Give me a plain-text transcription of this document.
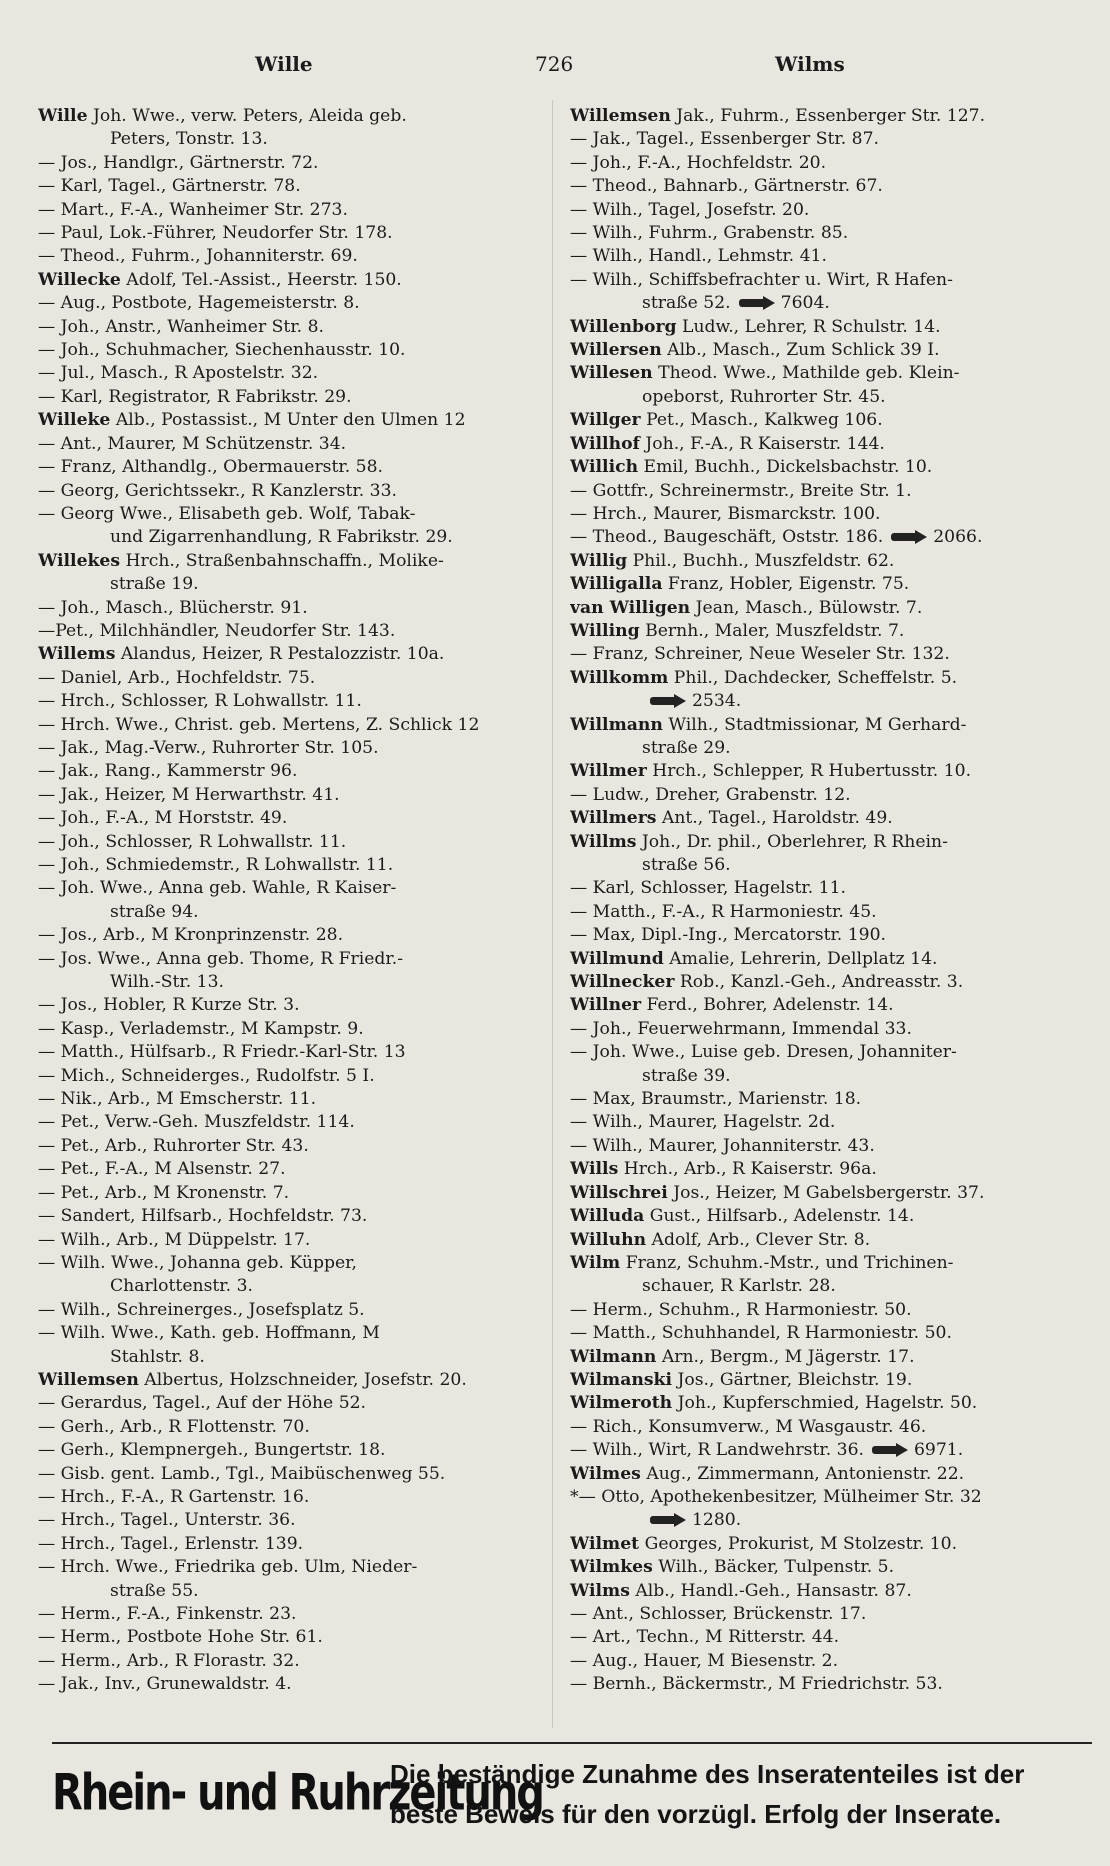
Wille	726	Wilms
Wille Joh. Wwe., verw. Peters, Aleida geb.
Peters, Tonstr. 13.
— Jos., Handlgr., Gärtnerstr. 72.
— Karl, Tagel., Gärtnerstr. 78.
— Mart., F.-A., Wanheimer Str. 273.
— Paul, Lok.-Führer, Neudorfer Str. 178.
— Theod., Fuhrm., Johanniterstr. 69.
Willecke Adolf, Tel.-Assist., Heerstr. 150.
— Aug., Postbote, Hagemeisterstr. 8.
— Joh., Anstr., Wanheimer Str. 8.
— Joh., Schuhmacher, Siechenhausstr. 10.
— Jul., Masch., R Apostelstr. 32.
— Karl, Registrator, R Fabrikstr. 29.
Willeke Alb., Postassist., M Unter den Ulmen 12
— Ant., Maurer, M Schützenstr. 34.
— Franz, Althandlg., Obermauerstr. 58.
— Georg, Gerichtssekr., R Kanzlerstr. 33.
— Georg Wwe., Elisabeth geb. Wolf, Tabak-
und Zigarrenhandlung, R Fabrikstr. 29.
Willekes Hrch., Straßenbahnschaffn., Molike-
straße 19.
— Joh., Masch., Blücherstr. 91.
—Pet., Milchhändler, Neudorfer Str. 143.
Willems Alandus, Heizer, R Pestalozzistr. 10a.
— Daniel, Arb., Hochfeldstr. 75.
— Hrch., Schlosser, R Lohwallstr. 11.
— Hrch. Wwe., Christ. geb. Mertens, Z. Schlick 12
— Jak., Mag.-Verw., Ruhrorter Str. 105.
— Jak., Rang., Kammerstr 96.
— Jak., Heizer, M Herwarthstr. 41.
— Joh., F.-A., M Horststr. 49.
— Joh., Schlosser, R Lohwallstr. 11.
— Joh., Schmiedemstr., R Lohwallstr. 11.
— Joh. Wwe., Anna geb. Wahle, R Kaiser-
straße 94.
— Jos., Arb., M Kronprinzenstr. 28.
— Jos. Wwe., Anna geb. Thome, R Friedr.-
Wilh.-Str. 13.
— Jos., Hobler, R Kurze Str. 3.
— Kasp., Verlademstr., M Kampstr. 9.
— Matth., Hülfsarb., R Friedr.-Karl-Str. 13
— Mich., Schneiderges., Rudolfstr. 5 I.
— Nik., Arb., M Emscherstr. 11.
— Pet., Verw.-Geh. Muszfeldstr. 114.
— Pet., Arb., Ruhrorter Str. 43.
— Pet., F.-A., M Alsenstr. 27.
— Pet., Arb., M Kronenstr. 7.
— Sandert, Hilfsarb., Hochfeldstr. 73.
— Wilh., Arb., M Düppelstr. 17.
— Wilh. Wwe., Johanna geb. Küpper,
Charlottenstr. 3.
— Wilh., Schreinerges., Josefsplatz 5.
— Wilh. Wwe., Kath. geb. Hoffmann, M
Stahlstr. 8.
Willemsen Albertus, Holzschneider, Josefstr. 20.
— Gerardus, Tagel., Auf der Höhe 52.
— Gerh., Arb., R Flottenstr. 70.
— Gerh., Klempnergeh., Bungertstr. 18.
— Gisb. gent. Lamb., Tgl., Maibüschenweg 55.
— Hrch., F.-A., R Gartenstr. 16.
— Hrch., Tagel., Unterstr. 36.
— Hrch., Tagel., Erlenstr. 139.
— Hrch. Wwe., Friedrika geb. Ulm, Nieder-
straße 55.
— Herm., F.-A., Finkenstr. 23.
— Herm., Postbote Hohe Str. 61.
— Herm., Arb., R Florastr. 32.
— Jak., Inv., Grunewaldstr. 4.
Willemsen Jak., Fuhrm., Essenberger Str. 127.
— Jak., Tagel., Essenberger Str. 87.
— Joh., F.-A., Hochfeldstr. 20.
— Theod., Bahnarb., Gärtnerstr. 67.
— Wilh., Tagel, Josefstr. 20.
— Wilh., Fuhrm., Grabenstr. 85.
— Wilh., Handl., Lehmstr. 41.
— Wilh., Schiffsbefrachter u. Wirt, R Hafen-
straße 52.	7604.
Willenborg Ludw., Lehrer, R Schulstr. 14.
Willersen Alb., Masch., Zum Schlick 39 I.
Willesen Theod. Wwe., Mathilde geb. Klein-
opeborst, Ruhrorter Str. 45.
Willger Pet., Masch., Kalkweg 106.
Willhof Joh., F.-A., R Kaiserstr. 144.
Willich Emil, Buchh., Dickelsbachstr. 10.
— Gottfr., Schreinermstr., Breite Str. 1.
— Hrch., Maurer, Bismarckstr. 100.
— Theod., Baugeschäft, Oststr. 186.	2066.
Willig Phil., Buchh., Muszfeldstr. 62.
Willigalla Franz, Hobler, Eigenstr. 75.
van Willigen Jean, Masch., Bülowstr. 7.
Willing Bernh., Maler, Muszfeldstr. 7.
— Franz, Schreiner, Neue Weseler Str. 132.
Willkomm Phil., Dachdecker, Scheffelstr. 5.
2534.
Willmann Wilh., Stadtmissionar, M Gerhard-
straße 29.
Willmer Hrch., Schlepper, R Hubertusstr. 10.
— Ludw., Dreher, Grabenstr. 12.
Willmers Ant., Tagel., Haroldstr. 49.
Willms Joh., Dr. phil., Oberlehrer, R Rhein-
straße 56.
— Karl, Schlosser, Hagelstr. 11.
— Matth., F.-A., R Harmoniestr. 45.
— Max, Dipl.-Ing., Mercatorstr. 190.
Willmund Amalie, Lehrerin, Dellplatz 14.
Willnecker Rob., Kanzl.-Geh., Andreasstr. 3.
Willner Ferd., Bohrer, Adelenstr. 14.
— Joh., Feuerwehrmann, Immendal 33.
— Joh. Wwe., Luise geb. Dresen, Johanniter-
straße 39.
— Max, Braumstr., Marienstr. 18.
— Wilh., Maurer, Hagelstr. 2d.
— Wilh., Maurer, Johanniterstr. 43.
Wills Hrch., Arb., R Kaiserstr. 96a.
Willschrei Jos., Heizer, M Gabelsbergerstr. 37.
Willuda Gust., Hilfsarb., Adelenstr. 14.
Willuhn Adolf, Arb., Clever Str. 8.
Wilm Franz, Schuhm.-Mstr., und Trichinen-
schauer, R Karlstr. 28.
— Herm., Schuhm., R Harmoniestr. 50.
— Matth., Schuhhandel, R Harmoniestr. 50.
Wilmann Arn., Bergm., M Jägerstr. 17.
Wilmanski Jos., Gärtner, Bleichstr. 19.
Wilmeroth Joh., Kupferschmied, Hagelstr. 50.
— Rich., Konsumverw., M Wasgaustr. 46.
— Wilh., Wirt, R Landwehrstr. 36.	6971.
Wilmes Aug., Zimmermann, Antonienstr. 22.
*— Otto, Apothekenbesitzer, Mülheimer Str. 32
1280.
Wilmet Georges, Prokurist, M Stolzestr. 10.
Wilmkes Wilh., Bäcker, Tulpenstr. 5.
Wilms Alb., Handl.-Geh., Hansastr. 87.
— Ant., Schlosser, Brückenstr. 17.
— Art., Techn., M Ritterstr. 44.
— Aug., Hauer, M Biesenstr. 2.
— Bernh., Bäckermstr., M Friedrichstr. 53.
Rhein- und Ruhrzeitung
Die beständige Zunahme des Inseratenteiles ist der
beste Beweis für den vorzügl. Erfolg der Inserate.
